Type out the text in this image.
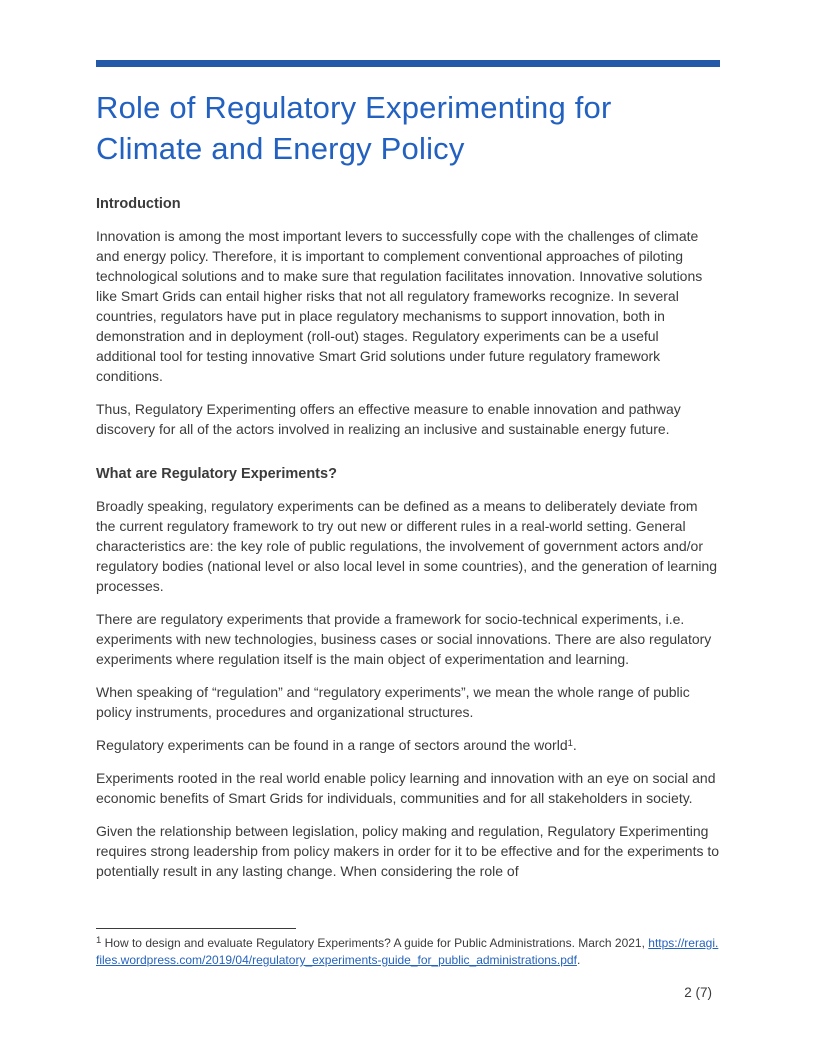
Role of Regulatory Experimenting for Climate and Energy Policy
Introduction

Innovation is among the most important levers to successfully cope with the challenges of climate and energy policy. Therefore, it is important to complement conventional approaches of piloting technological solutions and to make sure that regulation facilitates innovation. Innovative solutions like Smart Grids can entail higher risks that not all regulatory frameworks recognize. In several countries, regulators have put in place regulatory mechanisms to support innovation, both in demonstration and in deployment (roll-out) stages. Regulatory experiments can be a useful additional tool for testing innovative Smart Grid solutions under future regulatory framework conditions.

Thus, Regulatory Experimenting offers an effective measure to enable innovation and pathway discovery for all of the actors involved in realizing an inclusive and sustainable energy future.

What are Regulatory Experiments?

Broadly speaking, regulatory experiments can be defined as a means to deliberately deviate from the current regulatory framework to try out new or different rules in a real-world setting. General characteristics are: the key role of public regulations, the involvement of government actors and/or regulatory bodies (national level or also local level in some countries), and the generation of learning processes.

There are regulatory experiments that provide a framework for socio-technical experiments, i.e. experiments with new technologies, business cases or social innovations. There are also regulatory experiments where regulation itself is the main object of experimentation and learning.

When speaking of “regulation” and “regulatory experiments”, we mean the whole range of public policy instruments, procedures and organizational structures.

Regulatory experiments can be found in a range of sectors around the world$^1$.

Experiments rooted in the real world enable policy learning and innovation with an eye on social and economic benefits of Smart Grids for individuals, communities and for all stakeholders in society.

Given the relationship between legislation, policy making and regulation, Regulatory Experimenting requires strong leadership from policy makers in order for it to be effective and for the experiments to potentially result in any lasting change. When considering the role of

$^1$ How to design and evaluate Regulatory Experiments? A guide for Public Administrations. March 2021, https://reragi.files.wordpress.com/2019/04/regulatory_experiments-guide_for_public_administrations.pdf.

2 (7)
